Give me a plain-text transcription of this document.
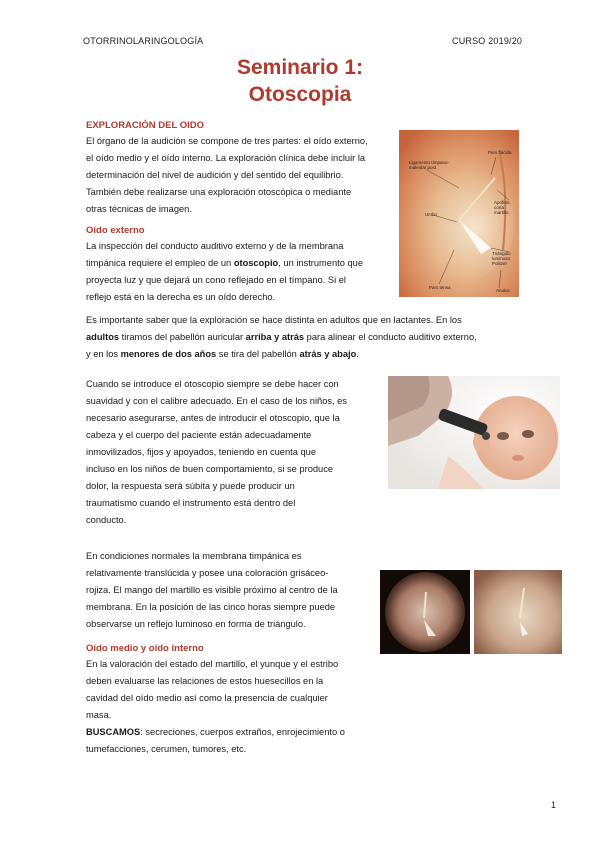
OTORRINOLARINGOLOGÍA	CURSO 2019/20
Seminario 1:
Otoscopia
EXPLORACIÓN DEL OIDO
El órgano de la audición se compone de tres partes: el oído externo,
el oído medio y el oído interno. La exploración clínica debe incluir la
determinación del nivel de audición y del sentido del equilibrio.
También debe realizarse una exploración otoscópica o mediante
otras técnicas de imagen.
Pars flácida
Ligamento tímpano-maleolar post
Apófisis corta martillo
Umbo
Triángulo luminoso Politzer
Pars tensa
Anulus
Oído externo
La inspección del conducto auditivo externo y de la membrana
timpánica requiere el empleo de un otoscopio, un instrumento que
proyecta luz y que dejará un cono reflejado en el tímpano. Si el
reflejo está en la derecha es un oído derecho.
Es importante saber que la exploración se hace distinta en adultos que en lactantes. En los
adultos tiramos del pabellón auricular arriba y atrás para alinear el conducto auditivo externo,
y en los menores de dos años se tira del pabellón atrás y abajo.
Cuando se introduce el otoscopio siempre se debe hacer con
suavidad y con el calibre adecuado. En el caso de los niños, es
necesario asegurarse, antes de introducir el otoscopio, que la
cabeza y el cuerpo del paciente están adecuadamente
inmovilizados, fijos y apoyados, teniendo en cuenta que
incluso en los niños de buen comportamiento, si se produce
dolor, la respuesta será súbita y puede producir un
traumatismo cuando el instrumento está dentro del
conducto.
En condiciones normales la membrana timpánica es
relativamente translúcida y posee una coloración grisáceo-
rojiza. El mango del martillo es visible próximo al centro de la
membrana. En la posición de las cinco horas siempre puede
observarse un reflejo luminoso en forma de triángulo.
Oído medio y oído interno
En la valoración del estado del martillo, el yunque y el estribo
deben evaluarse las relaciones de estos huesecillos en la
cavidad del oído medio así como la presencia de cualquier
masa.
BUSCAMOS: secreciones, cuerpos extraños, enrojecimiento o
tumefacciones, cerumen, tumores, etc.
1
